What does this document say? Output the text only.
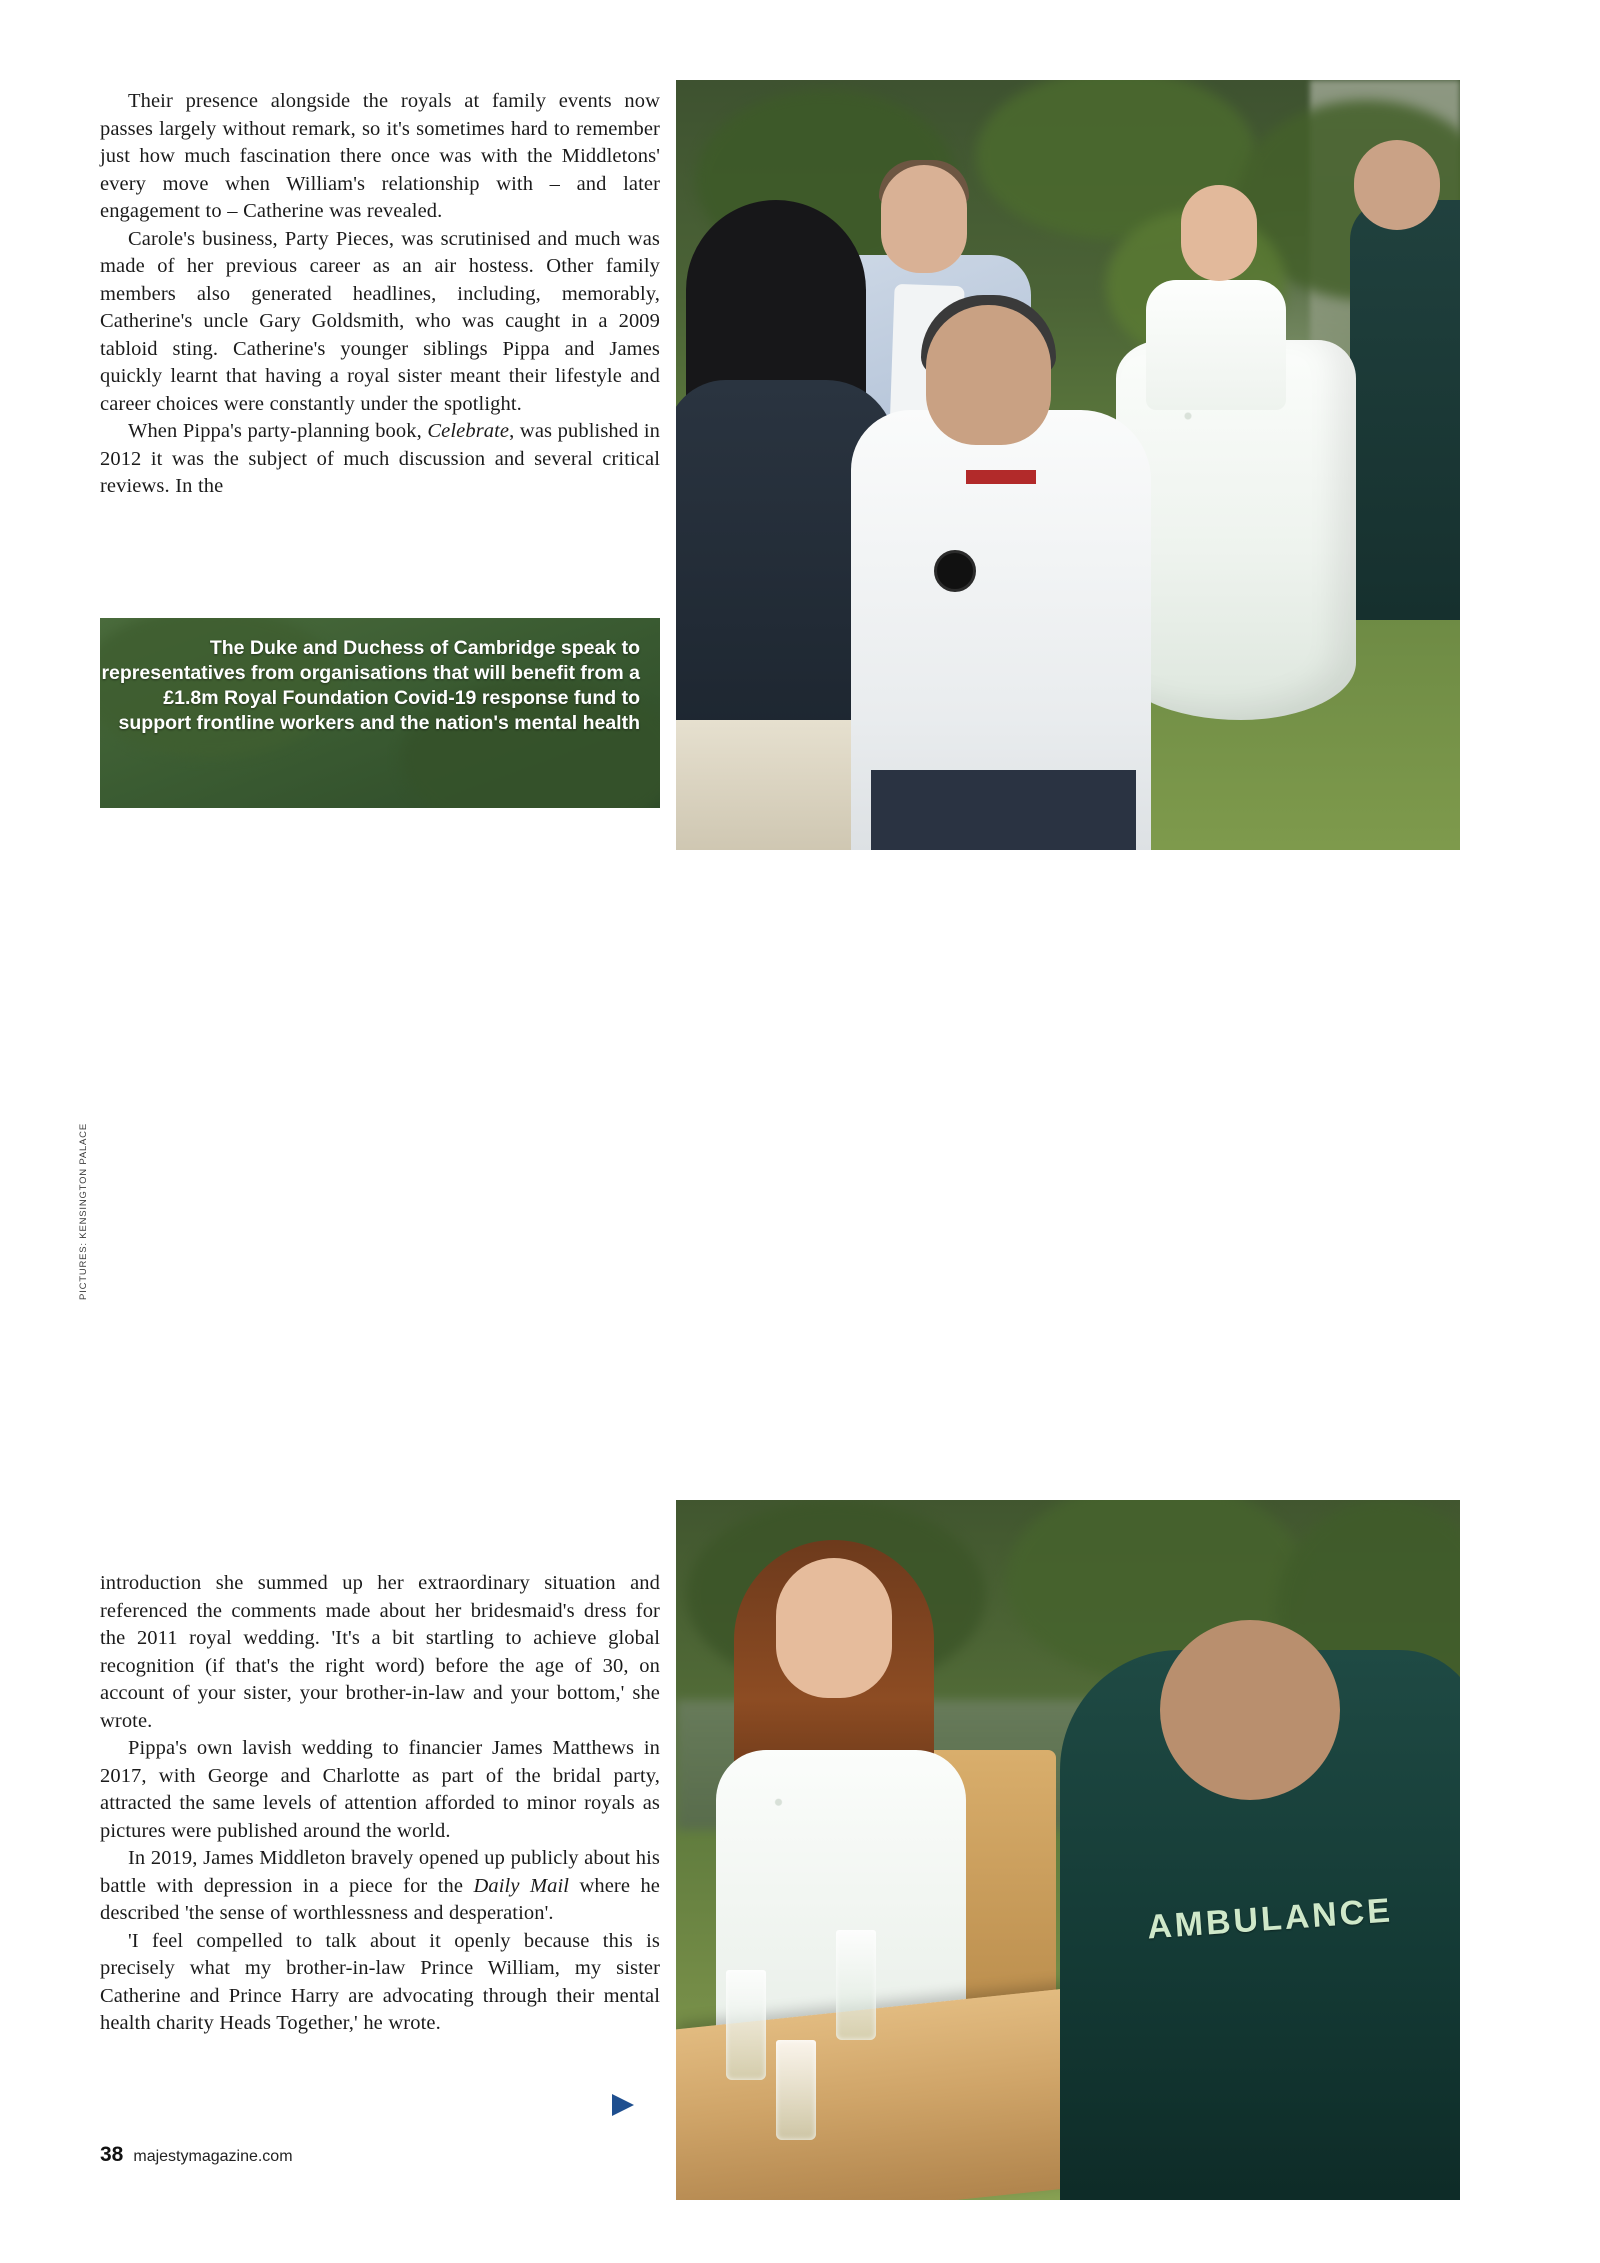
AMBULANCE
The Duke and Duchess of Cambridge speak to representatives from organisations that will benefit from a £1.8m Royal Foundation Covid-19 response fund to support frontline workers and the nation's mental health
AMBULANCE

Their presence alongside the royals at family events now passes largely without remark, so it's sometimes hard to remember just how much fascination there once was with the Middletons' every move when William's relationship with – and later engagement to – Catherine was revealed.

Carole's business, Party Pieces, was scrutinised and much was made of her previous career as an air hostess. Other family members also generated headlines, including, memorably, Catherine's uncle Gary Goldsmith, who was caught in a 2009 tabloid sting. Catherine's younger siblings Pippa and James quickly learnt that having a royal sister meant their lifestyle and career choices were constantly under the spotlight.

When Pippa's party-planning book, Celebrate, was published in 2012 it was the subject of much discussion and several critical reviews. In the

introduction she summed up her extraordinary situation and referenced the comments made about her bridesmaid's dress for the 2011 royal wedding. 'It's a bit startling to achieve global recognition (if that's the right word) before the age of 30, on account of your sister, your brother-in-law and your bottom,' she wrote.

Pippa's own lavish wedding to financier James Matthews in 2017, with George and Charlotte as part of the bridal party, attracted the same levels of attention afforded to minor royals as pictures were published around the world.

In 2019, James Middleton bravely opened up publicly about his battle with depression in a piece for the Daily Mail where he described 'the sense of worthlessness and desperation'.

'I feel compelled to talk about it openly because this is precisely what my brother-in-law Prince William, my sister Catherine and Prince Harry are advocating through their mental health charity Heads Together,' he wrote.

PICTURES: KENSINGTON PALACE
38 majestymagazine.com
